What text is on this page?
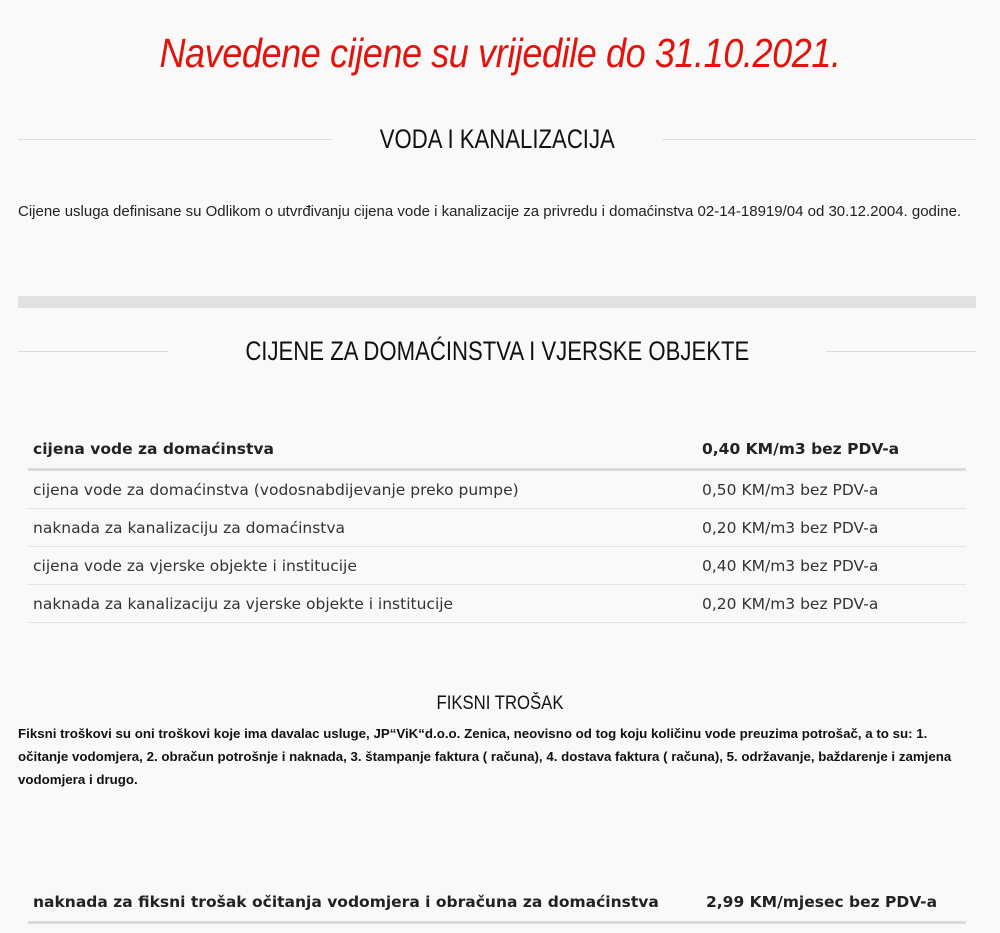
Navedene cijene su vrijedile do 31.10.2021.
VODA I KANALIZACIJA
Cijene usluga definisane su Odlikom o utvrđivanju cijena vode i kanalizacije za privredu i domaćinstva 02-14-18919/04 od 30.12.2004. godine.
CIJENE ZA DOMAĆINSTVA I VJERSKE OBJEKTE
cijena vode za domaćinstva	0,40 KM/m3 bez PDV-a
cijena vode za domaćinstva (vodosnabdijevanje preko pumpe)	0,50 KM/m3 bez PDV-a
naknada za kanalizaciju za domaćinstva	0,20 KM/m3 bez PDV-a
cijena vode za vjerske objekte i institucije	0,40 KM/m3 bez PDV-a
naknada za kanalizaciju za vjerske objekte i institucije	0,20 KM/m3 bez PDV-a
FIKSNI TROŠAK
Fiksni troškovi su oni troškovi koje ima davalac usluge, JP“ViK“d.o.o. Zenica, neovisno od tog koju količinu vode preuzima potrošač, a to su: 1. očitanje vodomjera, 2. obračun potrošnje i naknada, 3. štampanje faktura ( računa), 4. dostava faktura ( računa), 5. održavanje, baždarenje i zamjena vodomjera i drugo.
naknada za fiksni trošak očitanja vodomjera i obračuna za domaćinstva	2,99 KM/mjesec bez PDV-a
